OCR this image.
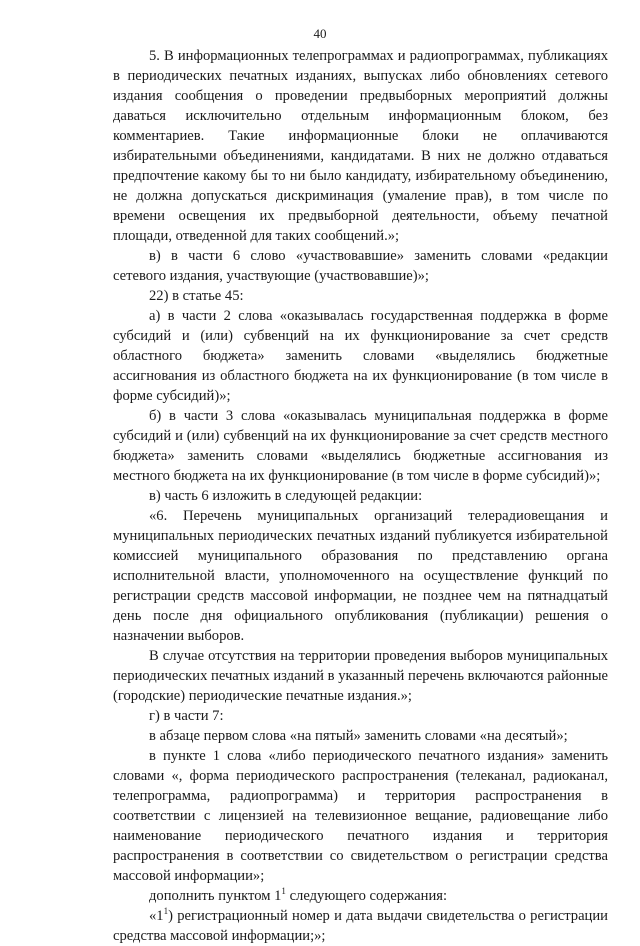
40

5. В информационных телепрограммах и радиопрограммах, публикациях в периодических печатных изданиях, выпусках либо обновлениях сетевого издания сообщения о проведении предвыборных мероприятий должны даваться исключительно отдельным информационным блоком, без комментариев. Такие информационные блоки не оплачиваются избирательными объединениями, кандидатами. В них не должно отдаваться предпочтение какому бы то ни было кандидату, избирательному объединению, не должна допускаться дискриминация (умаление прав), в том числе по времени освещения их предвыборной деятельности, объему печатной площади, отведенной для таких сообщений.»;

в) в части 6 слово «участвовавшие» заменить словами «редакции сетевого издания, участвующие (участвовавшие)»;

22) в статье 45:

а) в части 2 слова «оказывалась государственная поддержка в форме субсидий и (или) субвенций на их функционирование за счет средств областного бюджета» заменить словами «выделялись бюджетные ассигнования из областного бюджета на их функционирование (в том числе в форме субсидий)»;

б) в части 3 слова «оказывалась муниципальная поддержка в форме субсидий и (или) субвенций на их функционирование за счет средств местного бюджета» заменить словами «выделялись бюджетные ассигнования из местного бюджета на их функционирование (в том числе в форме субсидий)»;

в) часть 6 изложить в следующей редакции:

«6. Перечень муниципальных организаций телерадиовещания и муниципальных периодических печатных изданий публикуется избирательной комиссией муниципального образования по представлению органа исполнительной власти, уполномоченного на осуществление функций по регистрации средств массовой информации, не позднее чем на пятнадцатый день после дня официального опубликования (публикации) решения о назначении выборов.

В случае отсутствия на территории проведения выборов муниципальных периодических печатных изданий в указанный перечень включаются районные (городские) периодические печатные издания.»;

г) в части 7:

в абзаце первом слова «на пятый» заменить словами «на десятый»;

в пункте 1 слова «либо периодического печатного издания» заменить словами «, форма периодического распространения (телеканал, радиоканал, телепрограмма, радиопрограмма) и территория распространения в соответствии с лицензией на телевизионное вещание, радиовещание либо наименование периодического печатного издания и территория распространения в соответствии со свидетельством о регистрации средства массовой информации»;

дополнить пунктом $1^1$ следующего содержания:

«$1^1$) регистрационный номер и дата выдачи свидетельства о регистрации средства массовой информации;»;
